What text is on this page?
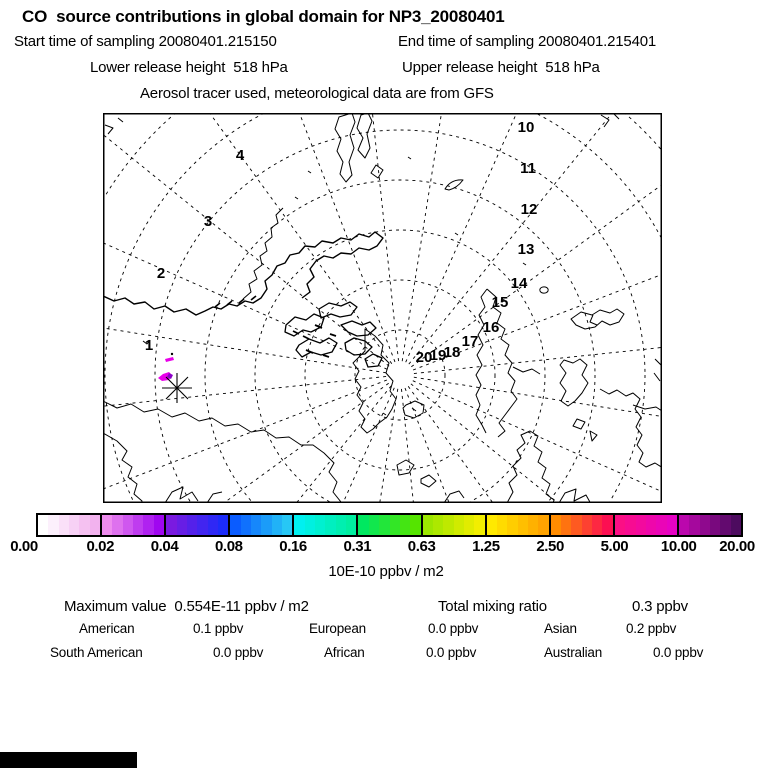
CO  source contributions in global domain for NP3_20080401
Start time of sampling 20080401.215150	End time of sampling 20080401.215401
Lower release height  518 hPa	Upper release height  518 hPa
Aerosol tracer used, meteorological data are from GFS
1
2
3
4
10
11
12
13
14
15
16
17
18
19
20
0.00	0.02 0.04 0.08 0.16 0.31 0.63 1.25 2.50 5.00 10.00 20.00
10E-10 ppbv / m2
Maximum value  0.554E-11 ppbv / m2	Total mixing ratio	0.3 ppbv
American	0.1 ppbv	European	0.0 ppbv	Asian	0.2 ppbv
South American	0.0 ppbv	African	0.0 ppbv	Australian	0.0 ppbv
